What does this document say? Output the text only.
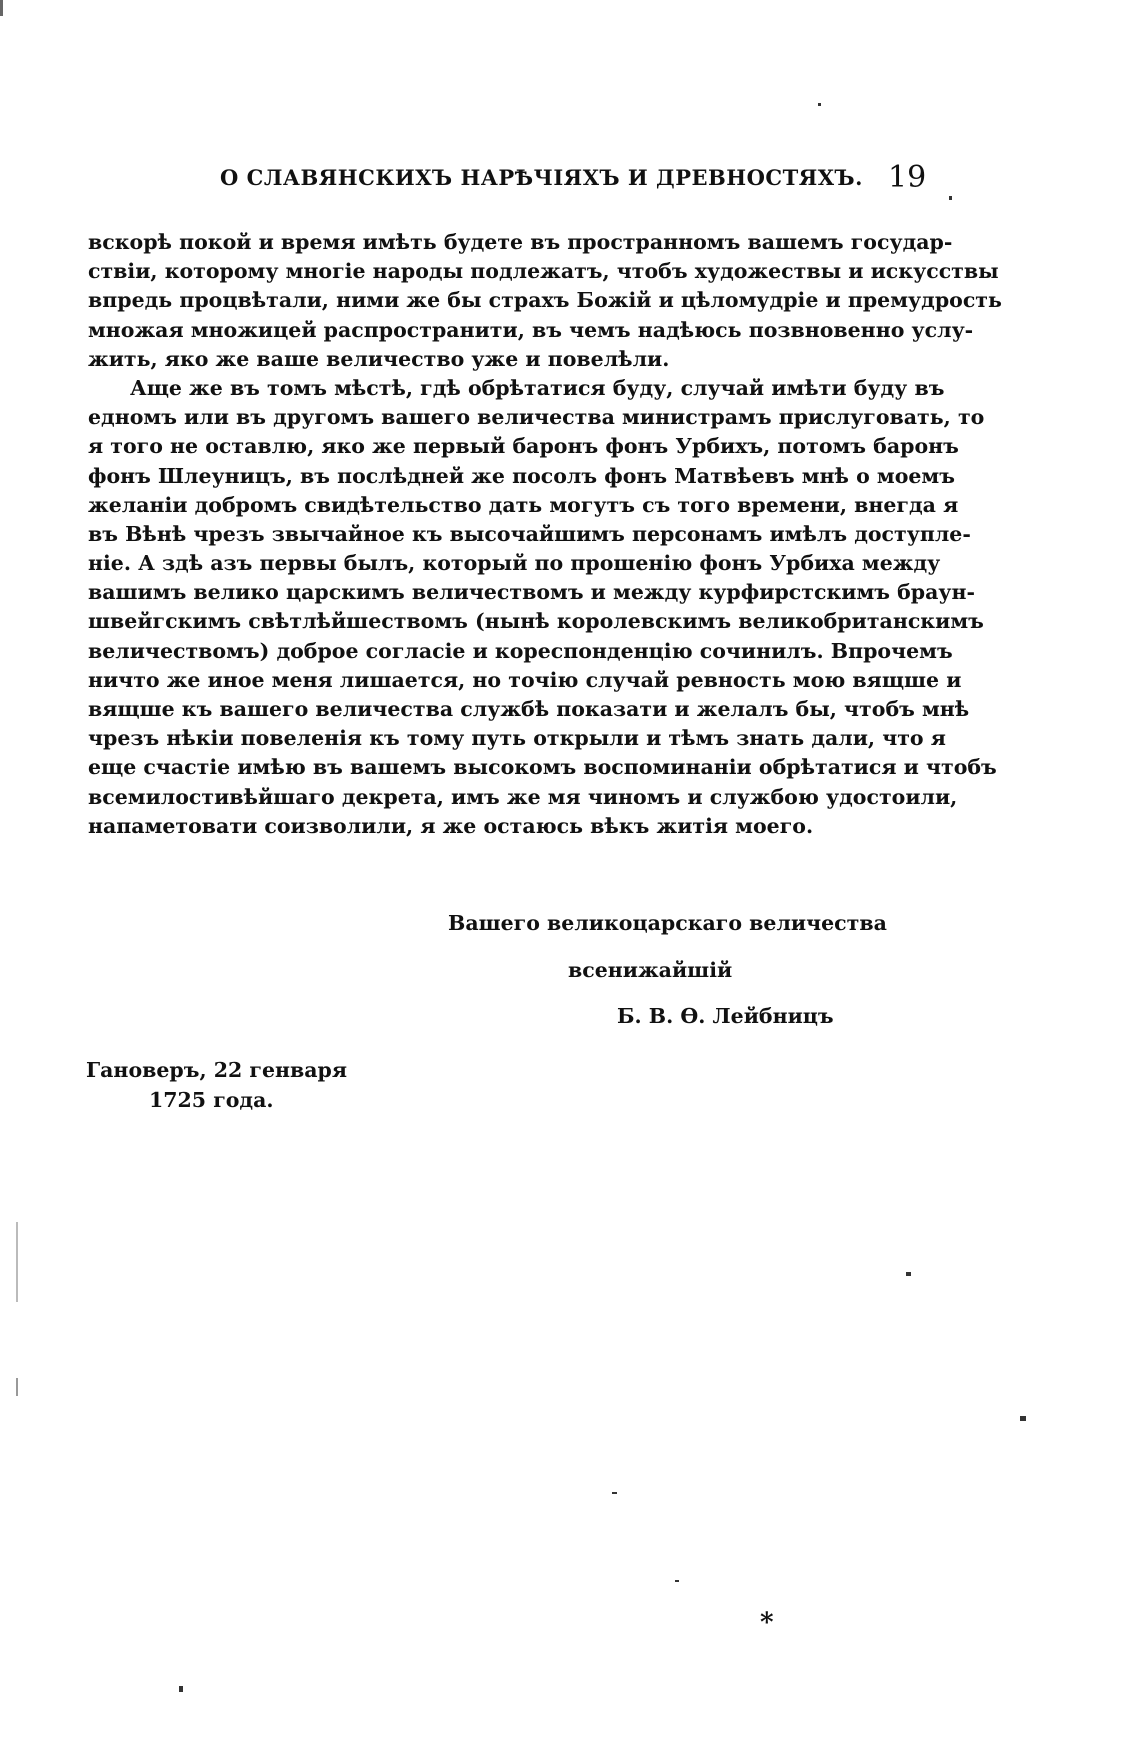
О СЛАВЯНСКИХЪ НАРѢЧІЯХЪ И ДРЕВНОСТЯХЪ. 19
вскорѣ покой и время имѣть будете въ пространномъ вашемъ государ-
ствіи, которому многіе народы подлежатъ, чтобъ художествы и искусствы
впредь процвѣтали, ними же бы страхъ Божій и цѣломудріе и премудрость
множая множицей распространити, въ чемъ надѣюсь позвновенно услу-
жить, яко же ваше величество уже и повелѣли.
Аще же въ томъ мѣстѣ, гдѣ обрѣтатися буду, случай имѣти буду въ
едномъ или въ другомъ вашего величества министрамъ прислуговать, то
я того не оставлю, яко же первый баронъ фонъ Урбихъ, потомъ баронъ
фонъ Шлеуницъ, въ послѣдней же посолъ фонъ Матвѣевъ мнѣ о моемъ
желаніи добромъ свидѣтельство дать могутъ съ того времени, внегда я
въ Вѣнѣ чрезъ звычайное къ высочайшимъ персонамъ имѣлъ доступле-
ніе. А здѣ азъ первы былъ, который по прошенію фонъ Урбиха между
вашимъ велико царскимъ величествомъ и между курфирстскимъ браун-
швейгскимъ свѣтлѣйшествомъ (нынѣ королевскимъ великобританскимъ
величествомъ) доброе согласіе и кореспонденцію сочинилъ. Впрочемъ
ничто же иное меня лишается, но точію случай ревность мою вящше и
вящше къ вашего величества службѣ показати и желалъ бы, чтобъ мнѣ
чрезъ нѣкіи повеленія къ тому путь открыли и тѣмъ знать дали, что я
еще счастіе имѣю въ вашемъ высокомъ воспоминаніи обрѣтатися и чтобъ
всемилостивѣйшаго декрета, имъ же мя чиномъ и службою удостоили,
напаметовати соизволили, я же остаюсь вѣкъ житія моего.
Вашего великоцарскаго величества
всенижайшій
Б. В. Ѳ. Лейбницъ
Гановеръ, 22 генваря
1725 года.
*
